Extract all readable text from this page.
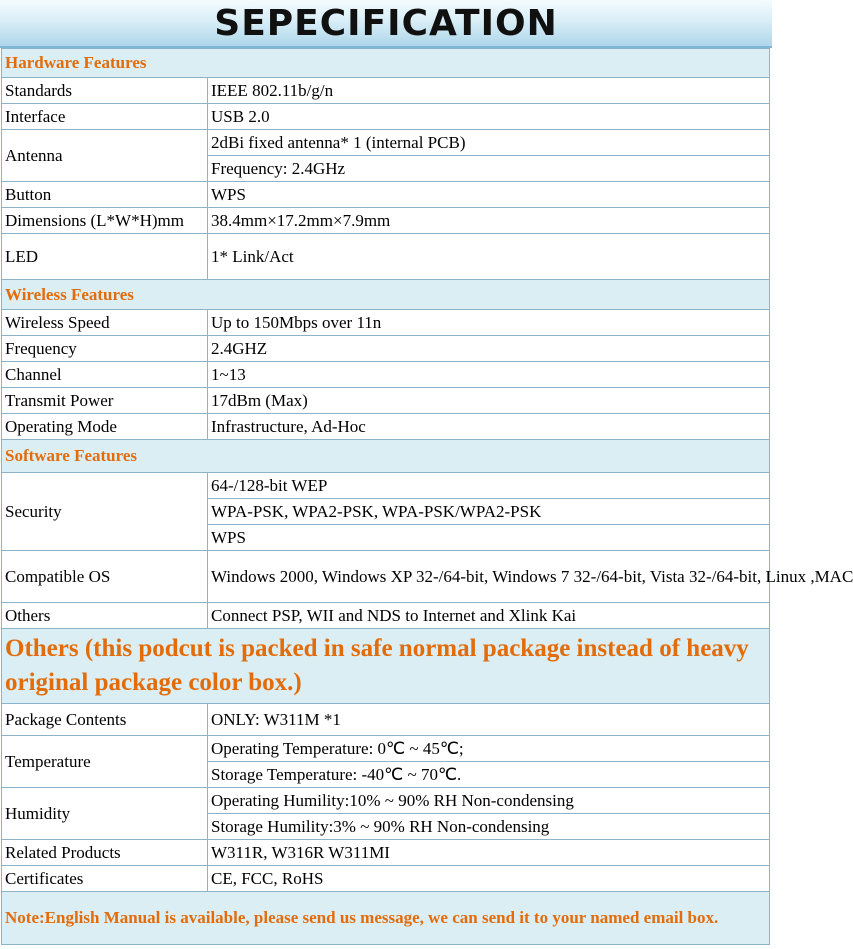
SEPECIFICATION
Hardware Features	
Standards	IEEE 802.11b/g/n
Interface	USB 2.0
Antenna	2dBi fixed antenna* 1 (internal PCB)
	Frequency: 2.4GHz
Button	WPS
Dimensions (L*W*H)mm	38.4mm×17.2mm×7.9mm
LED	1* Link/Act
Wireless Features	
Wireless Speed	Up to 150Mbps over 11n
Frequency	2.4GHZ
Channel	1~13
Transmit Power	17dBm (Max)
Operating Mode	Infrastructure, Ad-Hoc
Software Features	
Security	64-/128-bit WEP
	WPA-PSK, WPA2-PSK, WPA-PSK/WPA2-PSK
	WPS
Compatible OS	Windows 2000, Windows XP 32-/64-bit, Windows 7 32-/64-bit, Vista 32-/64-bit, Linux ,MAC
Others	Connect PSP, WII and NDS to Internet and Xlink Kai
Others (this podcut is packed in safe normal package instead of heavy original package color box.)	
Package Contents	ONLY: W311M *1
Temperature	Operating Temperature: 0℃ ~ 45℃;
	Storage Temperature: -40℃ ~ 70℃.
Humidity	Operating Humility:10% ~ 90% RH Non-condensing
	Storage Humility:3% ~ 90% RH Non-condensing
Related Products	W311R, W316R W311MI
Certificates	CE, FCC, RoHS
Note:English Manual is available, please send us message, we can send it to your named email box.	
